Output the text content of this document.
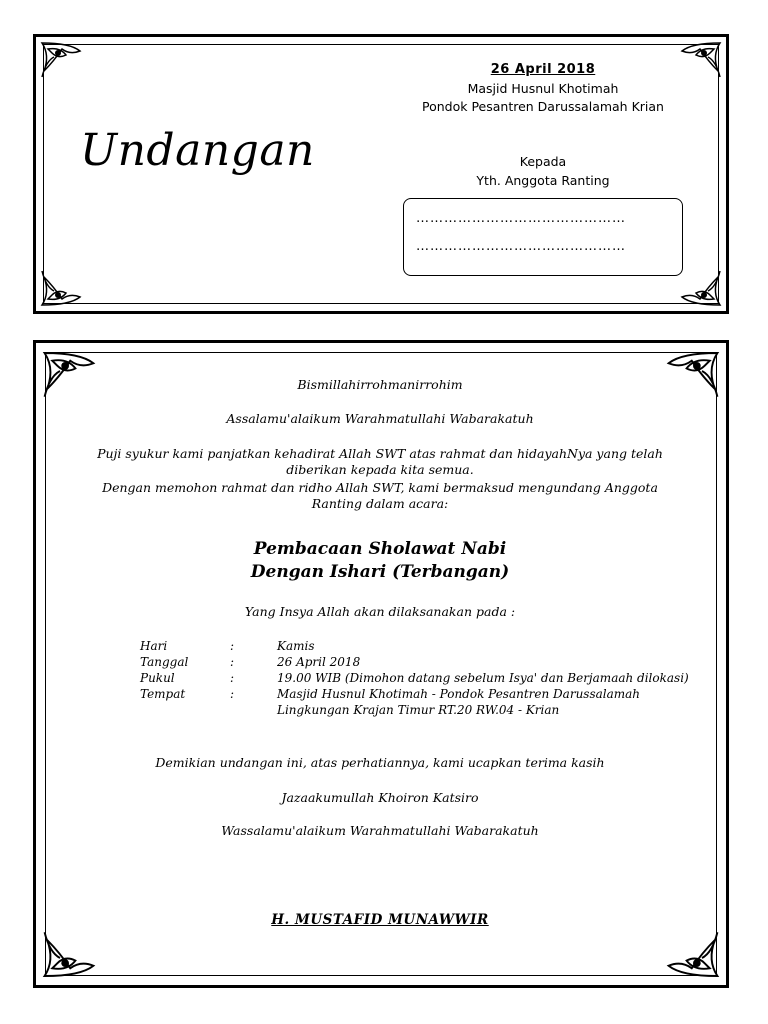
Undangan
26 April 2018
Masjid Husnul Khotimah
Pondok Pesantren Darussalamah Krian
Kepada
Yth. Anggota Ranting
………………………………………
………………………………………
Bismillahirrohmanirrohim
Assalamu'alaikum Warahmatullahi Wabarakatuh
Puji syukur kami panjatkan kehadirat Allah SWT atas rahmat dan hidayahNya yang telah diberikan kepada kita semua.
Dengan memohon rahmat dan ridho Allah SWT, kami bermaksud mengundang Anggota Ranting dalam acara:
Pembacaan Sholawat Nabi
Dengan Ishari (Terbangan)
Yang Insya Allah akan dilaksanakan pada :
Hari	:	Kamis
Tanggal	:	26 April 2018
Pukul	:	19.00 WIB (Dimohon datang sebelum Isya' dan Berjamaah dilokasi)
Tempat	:	Masjid Husnul Khotimah - Pondok Pesantren Darussalamah
Lingkungan Krajan Timur RT.20 RW.04 - Krian
Demikian undangan ini, atas perhatiannya, kami ucapkan terima kasih
Jazaakumullah Khoiron Katsiro
Wassalamu'alaikum Warahmatullahi Wabarakatuh
H. MUSTAFID MUNAWWIR
